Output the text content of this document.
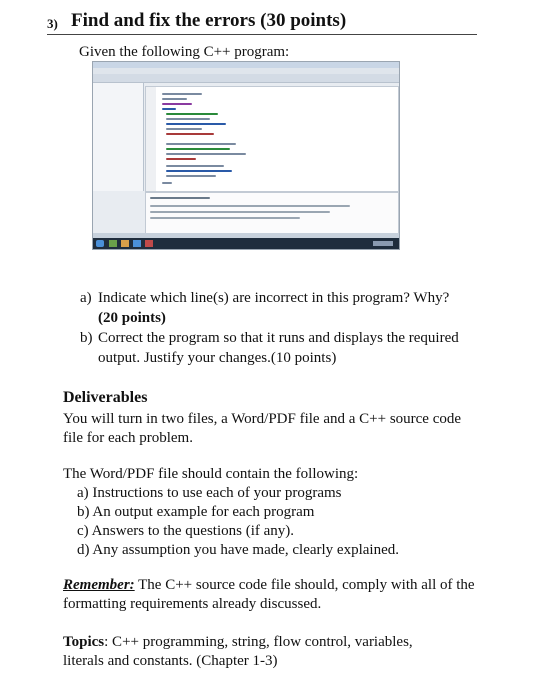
3) Find and fix the errors (30 points)
Given the following C++ program:
a) Indicate which line(s) are incorrect in this program? Why?
(20 points)
b) Correct the program so that it runs and displays the required output. Justify your changes.(10 points)
Deliverables
You will turn in two files, a Word/PDF file and a C++ source code file for each problem.
The Word/PDF file should contain the following:
a) Instructions to use each of your programs
b) An output example for each program
c) Answers to the questions (if any).
d) Any assumption you have made, clearly explained.
Remember: The C++ source code file should, comply with all of the formatting requirements already discussed.
Topics: C++ programming, string, flow control, variables, literals and constants. (Chapter 1-3)
